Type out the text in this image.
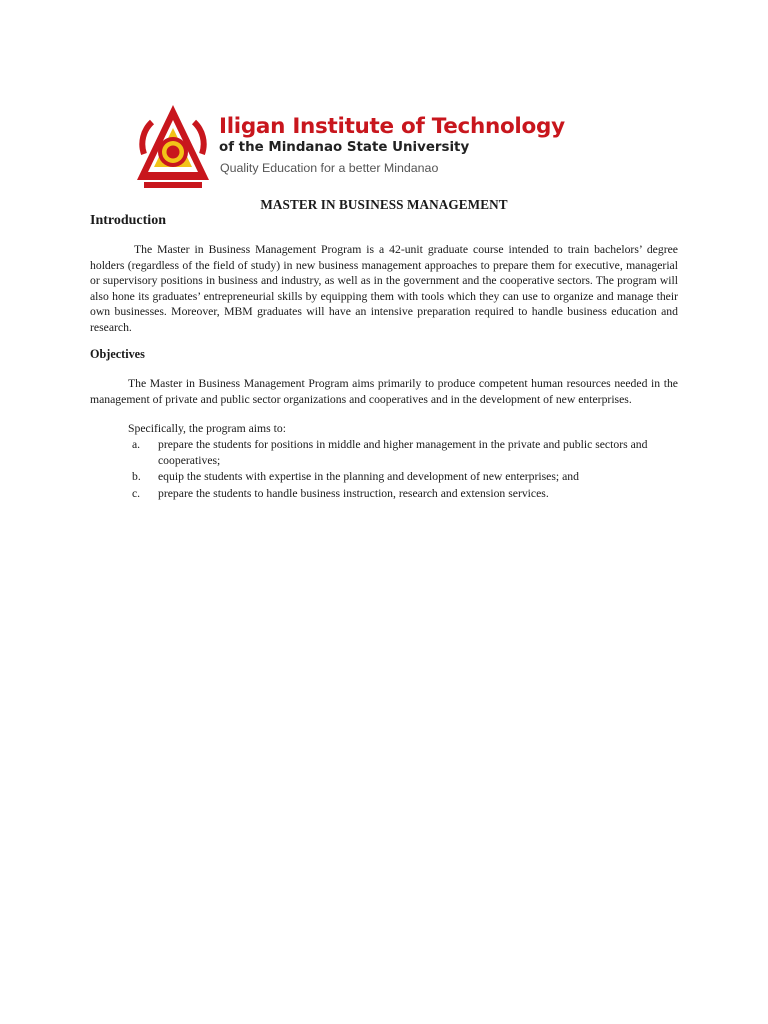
Iligan Institute of Technology

of the Mindanao State University

Quality Education for a better Mindanao

MASTER IN BUSINESS MANAGEMENT
Introduction

The Master in Business Management Program is a 42-unit graduate course intended to train bachelors’ degree holders (regardless of the field of study) in new business management approaches to prepare them for executive, managerial or supervisory positions in business and industry, as well as in the government and the cooperative sectors. The program will also hone its graduates’ entrepreneurial skills by equipping them with tools which they can use to organize and manage their own businesses. Moreover, MBM graduates will have an intensive preparation required to handle business education and research.

Objectives

The Master in Business Management Program aims primarily to produce competent human resources needed in the management of private and public sector organizations and cooperatives and in the development of new enterprises.

Specifically, the program aims to:

a.	prepare the students for positions in middle and higher management in the private and public sectors and cooperatives;
b.	equip the students with expertise in the planning and development of new enterprises; and
c.	prepare the students to handle business instruction, research and extension services.
